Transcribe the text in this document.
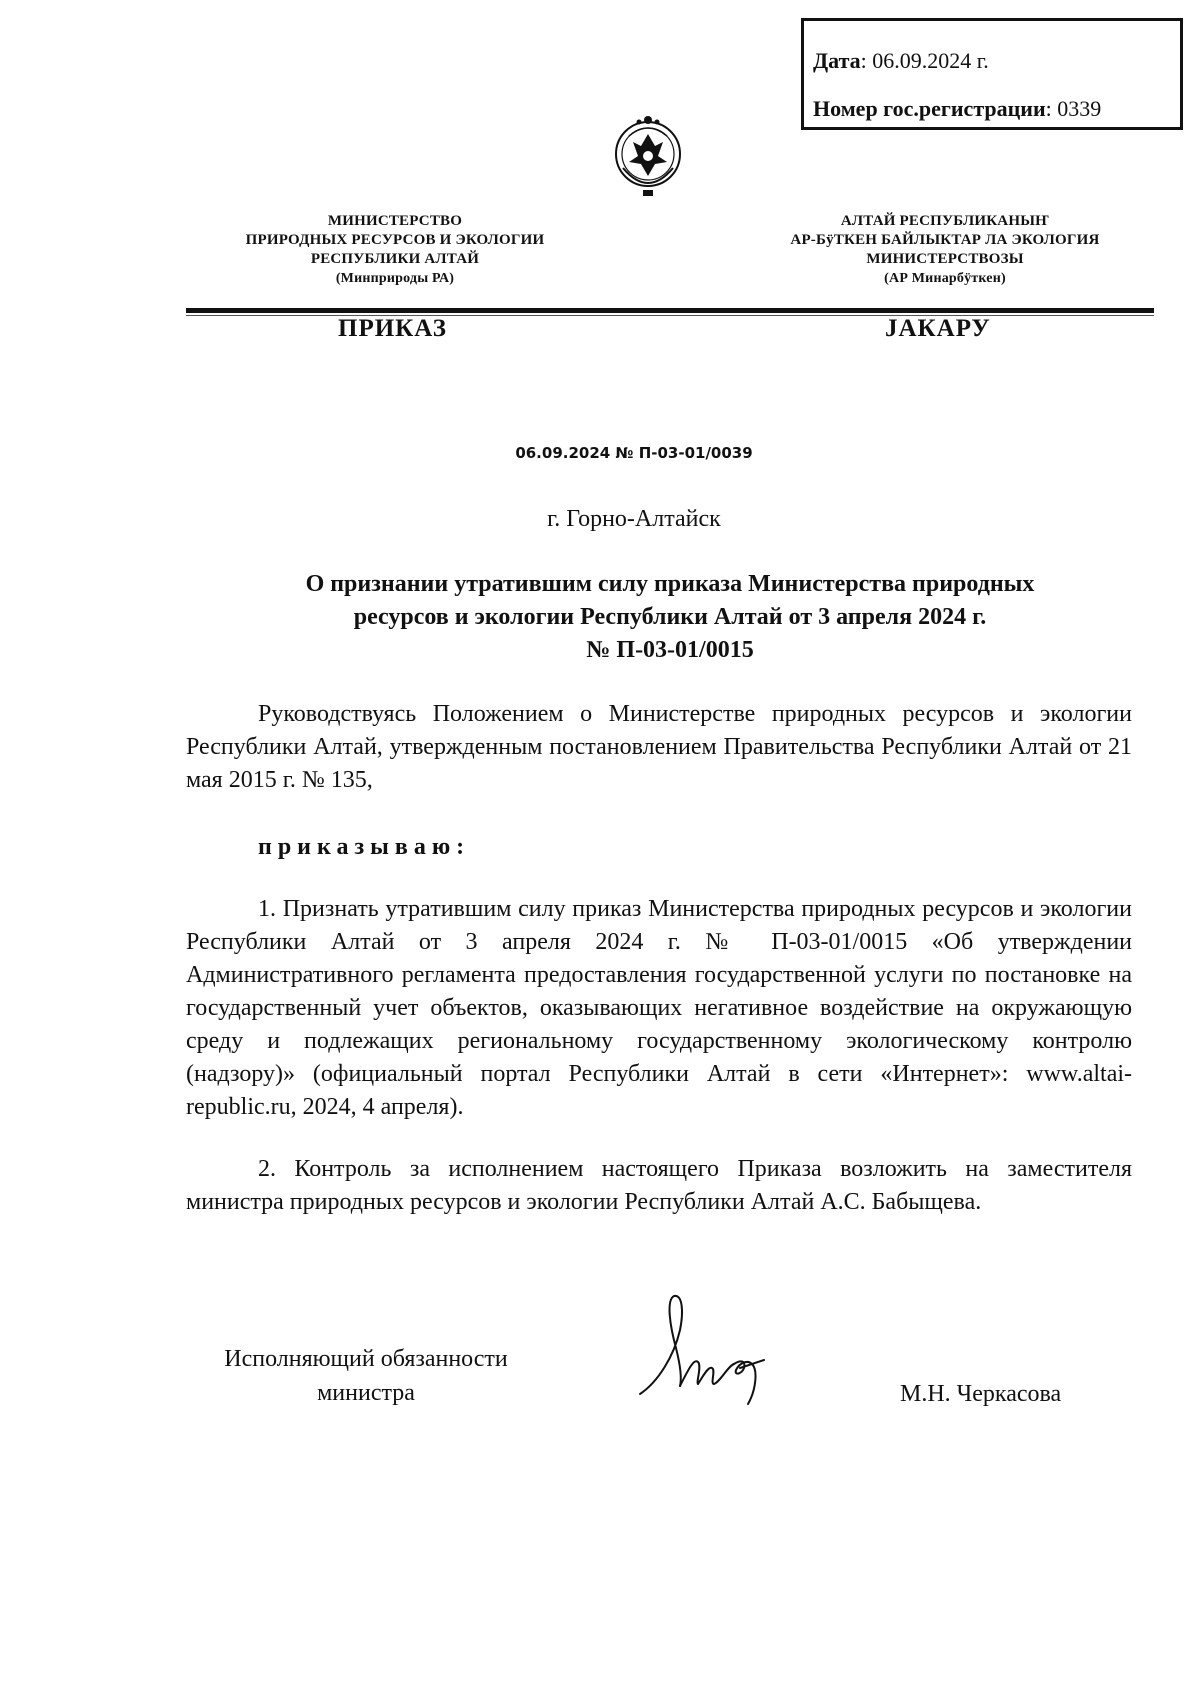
Дата: 06.09.2024 г.
Номер гос.регистрации: 0339
МИНИСТЕРСТВО
ПРИРОДНЫХ РЕСУРСОВ И ЭКОЛОГИИ
РЕСПУБЛИКИ АЛТАЙ
(Минприроды РА)
АЛТАЙ РЕСПУБЛИКАНЫҤ
АР-БÿТКЕН БАЙЛЫКТАР ЛА ЭКОЛОГИЯ
МИНИСТЕРСТВОЗЫ
(АР Минарбÿткен)
ПРИКАЗ	JАКАРУ
06.09.2024 № П-03-01/0039
г. Горно-Алтайск
О признании утратившим силу приказа Министерства природных
ресурсов и экологии Республики Алтай от 3 апреля 2024 г.
№ П-03-01/0015
Руководствуясь Положением о Министерстве природных ресурсов и экологии Республики Алтай, утвержденным постановлением Правительства Республики Алтай от 21 мая 2015 г. № 135,
приказываю:
1. Признать утратившим силу приказ Министерства природных ресурсов и экологии Республики Алтай от 3 апреля 2024 г. № П-03-01/0015 «Об утверждении Административного регламента предоставления государственной услуги по постановке на государственный учет объектов, оказывающих негативное воздействие на окружающую среду и подлежащих региональному государственному экологическому контролю (надзору)» (официальный портал Республики Алтай в сети «Интернет»: www.altai-republic.ru, 2024, 4 апреля).
2. Контроль за исполнением настоящего Приказа возложить на заместителя министра природных ресурсов и экологии Республики Алтай А.С. Бабыщева.
Исполняющий обязанности
министра	М.Н. Черкасова
